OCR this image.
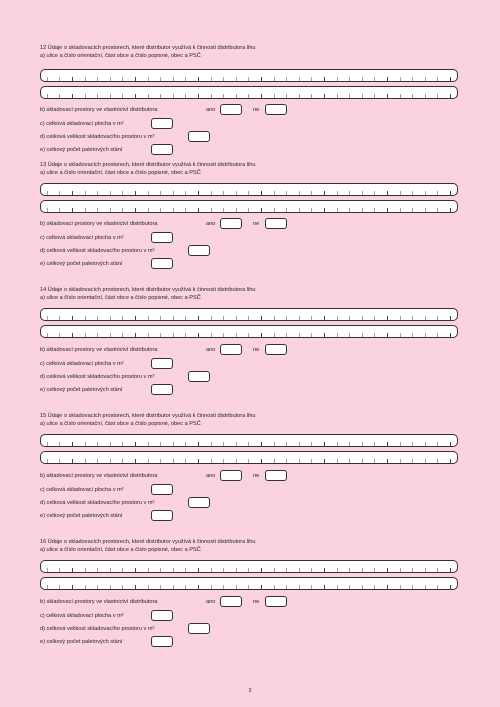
12 Údaje o skladovacích prostorech, které distributor využívá k činnosti distributora lihu
a) ulice a číslo orientační, část obce a číslo popisné, obec a PSČ
b) skladovací prostory ve vlastnictví distributora	ano	ne
c) celková skladovací plocha v m²
d) celková velikost skladovacího prostoru v m³
e) celkový počet paletových stání
13 Údaje o skladovacích prostorech, které distributor využívá k činnosti distributora lihu
a) ulice a číslo orientační, část obce a číslo popisné, obec a PSČ
b) skladovací prostory ve vlastnictví distributora	ano	ne
c) celková skladovací plocha v m²
d) celková velikost skladovacího prostoru v m³
e) celkový počet paletových stání
14 Údaje o skladovacích prostorech, které distributor využívá k činnosti distributora lihu
a) ulice a číslo orientační, část obce a číslo popisné, obec a PSČ
b) skladovací prostory ve vlastnictví distributora	ano	ne
c) celková skladovací plocha v m²
d) celková velikost skladovacího prostoru v m³
e) celkový počet paletových stání
15 Údaje o skladovacích prostorech, které distributor využívá k činnosti distributora lihu
a) ulice a číslo orientační, část obce a číslo popisné, obec a PSČ
b) skladovací prostory ve vlastnictví distributora	ano	ne
c) celková skladovací plocha v m²
d) celková velikost skladovacího prostoru v m³
e) celkový počet paletových stání
16 Údaje o skladovacích prostorech, které distributor využívá k činnosti distributora lihu
a) ulice a číslo orientační, část obce a číslo popisné, obec a PSČ
b) skladovací prostory ve vlastnictví distributora	ano	ne
c) celková skladovací plocha v m²
d) celková velikost skladovacího prostoru v m³
e) celkový počet paletových stání
3
